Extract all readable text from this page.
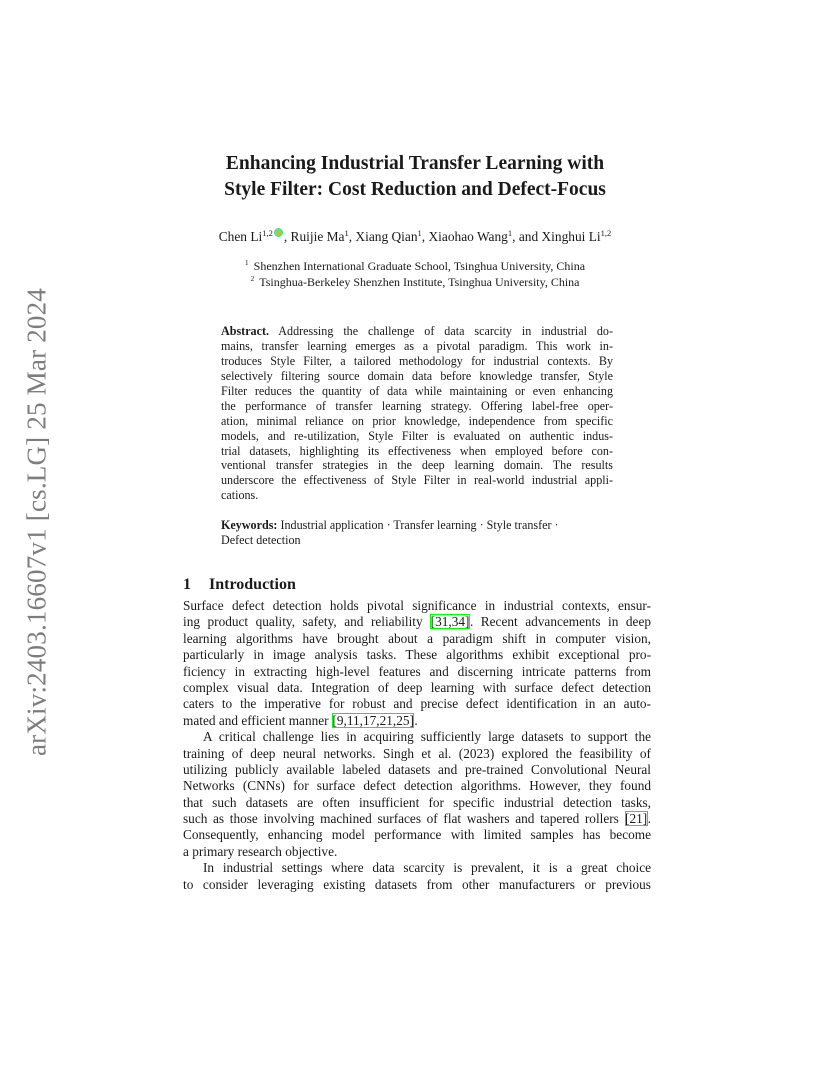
arXiv:2403.16607v1 [cs.LG] 25 Mar 2024
Enhancing Industrial Transfer Learning with
Style Filter: Cost Reduction and Defect-Focus
Chen Li$^{1,2}$ , Ruijie Ma$^1$, Xiang Qian$^1$, Xiaohao Wang$^1$, and Xinghui Li$^{1,2}$
$^1$ Shenzhen International Graduate School, Tsinghua University, China
$^2$ Tsinghua-Berkeley Shenzhen Institute, Tsinghua University, China
Abstract. Addressing the challenge of data scarcity in industrial do-
mains, transfer learning emerges as a pivotal paradigm. This work in-
troduces Style Filter, a tailored methodology for industrial contexts. By
selectively filtering source domain data before knowledge transfer, Style
Filter reduces the quantity of data while maintaining or even enhancing
the performance of transfer learning strategy. Offering label-free oper-
ation, minimal reliance on prior knowledge, independence from specific
models, and re-utilization, Style Filter is evaluated on authentic indus-
trial datasets, highlighting its effectiveness when employed before con-
ventional transfer strategies in the deep learning domain. The results
underscore the effectiveness of Style Filter in real-world industrial appli-
cations.
Keywords: Industrial application · Transfer learning · Style transfer ·
Defect detection
1 Introduction
Surface defect detection holds pivotal significance in industrial contexts, ensur-
ing product quality, safety, and reliability [31,34]. Recent advancements in deep
learning algorithms have brought about a paradigm shift in computer vision,
particularly in image analysis tasks. These algorithms exhibit exceptional pro-
ficiency in extracting high-level features and discerning intricate patterns from
complex visual data. Integration of deep learning with surface defect detection
caters to the imperative for robust and precise defect identification in an auto-
mated and efficient manner [9,11,17,21,25].
A critical challenge lies in acquiring sufficiently large datasets to support the
training of deep neural networks. Singh et al. (2023) explored the feasibility of
utilizing publicly available labeled datasets and pre-trained Convolutional Neural
Networks (CNNs) for surface defect detection algorithms. However, they found
that such datasets are often insufficient for specific industrial detection tasks,
such as those involving machined surfaces of flat washers and tapered rollers [21].
Consequently, enhancing model performance with limited samples has become
a primary research objective.
In industrial settings where data scarcity is prevalent, it is a great choice
to consider leveraging existing datasets from other manufacturers or previous
